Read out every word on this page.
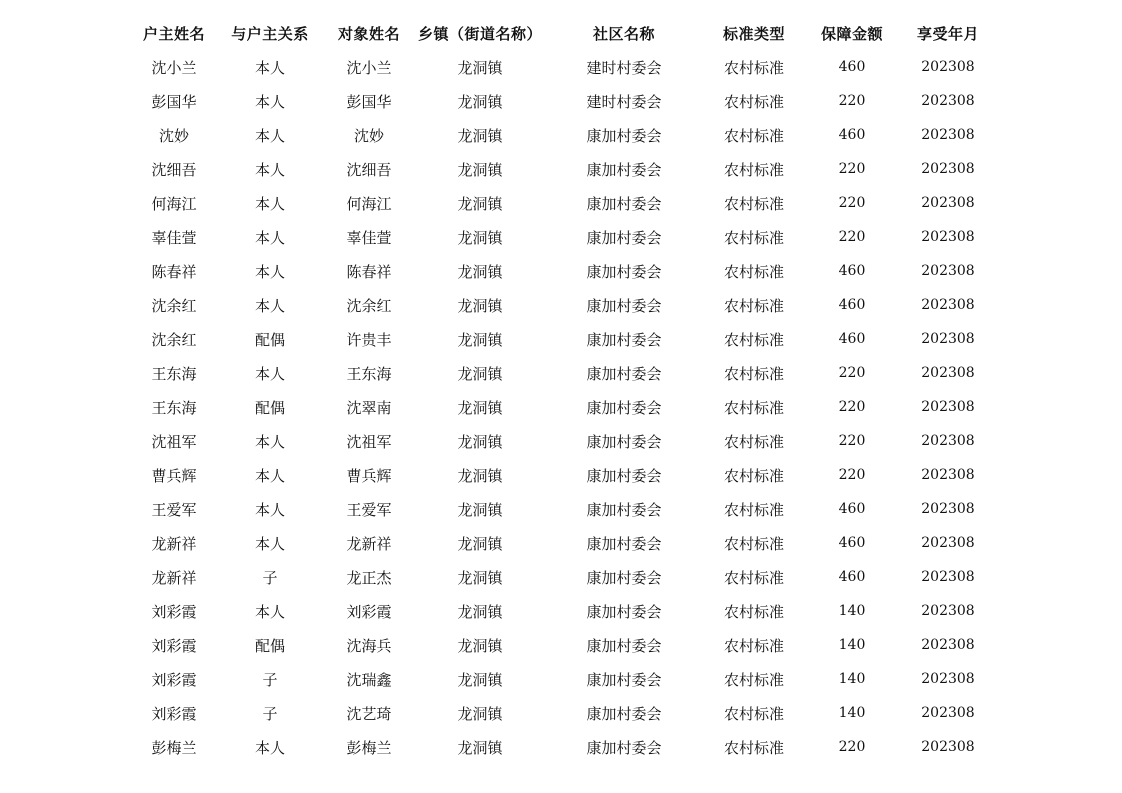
户主姓名	与户主关系	对象姓名	乡镇（街道名称）	社区名称	标准类型	保障金额	享受年月
沈小兰	本人	沈小兰	龙洞镇	建时村委会	农村标准	460	202308
彭国华	本人	彭国华	龙洞镇	建时村委会	农村标准	220	202308
沈妙	本人	沈妙	龙洞镇	康加村委会	农村标准	460	202308
沈细吾	本人	沈细吾	龙洞镇	康加村委会	农村标准	220	202308
何海江	本人	何海江	龙洞镇	康加村委会	农村标准	220	202308
辜佳萱	本人	辜佳萱	龙洞镇	康加村委会	农村标准	220	202308
陈春祥	本人	陈春祥	龙洞镇	康加村委会	农村标准	460	202308
沈余红	本人	沈余红	龙洞镇	康加村委会	农村标准	460	202308
沈余红	配偶	许贵丰	龙洞镇	康加村委会	农村标准	460	202308
王东海	本人	王东海	龙洞镇	康加村委会	农村标准	220	202308
王东海	配偶	沈翠南	龙洞镇	康加村委会	农村标准	220	202308
沈祖军	本人	沈祖军	龙洞镇	康加村委会	农村标准	220	202308
曹兵辉	本人	曹兵辉	龙洞镇	康加村委会	农村标准	220	202308
王爱军	本人	王爱军	龙洞镇	康加村委会	农村标准	460	202308
龙新祥	本人	龙新祥	龙洞镇	康加村委会	农村标准	460	202308
龙新祥	子	龙正杰	龙洞镇	康加村委会	农村标准	460	202308
刘彩霞	本人	刘彩霞	龙洞镇	康加村委会	农村标准	140	202308
刘彩霞	配偶	沈海兵	龙洞镇	康加村委会	农村标准	140	202308
刘彩霞	子	沈瑞鑫	龙洞镇	康加村委会	农村标准	140	202308
刘彩霞	子	沈艺琦	龙洞镇	康加村委会	农村标准	140	202308
彭梅兰	本人	彭梅兰	龙洞镇	康加村委会	农村标准	220	202308
